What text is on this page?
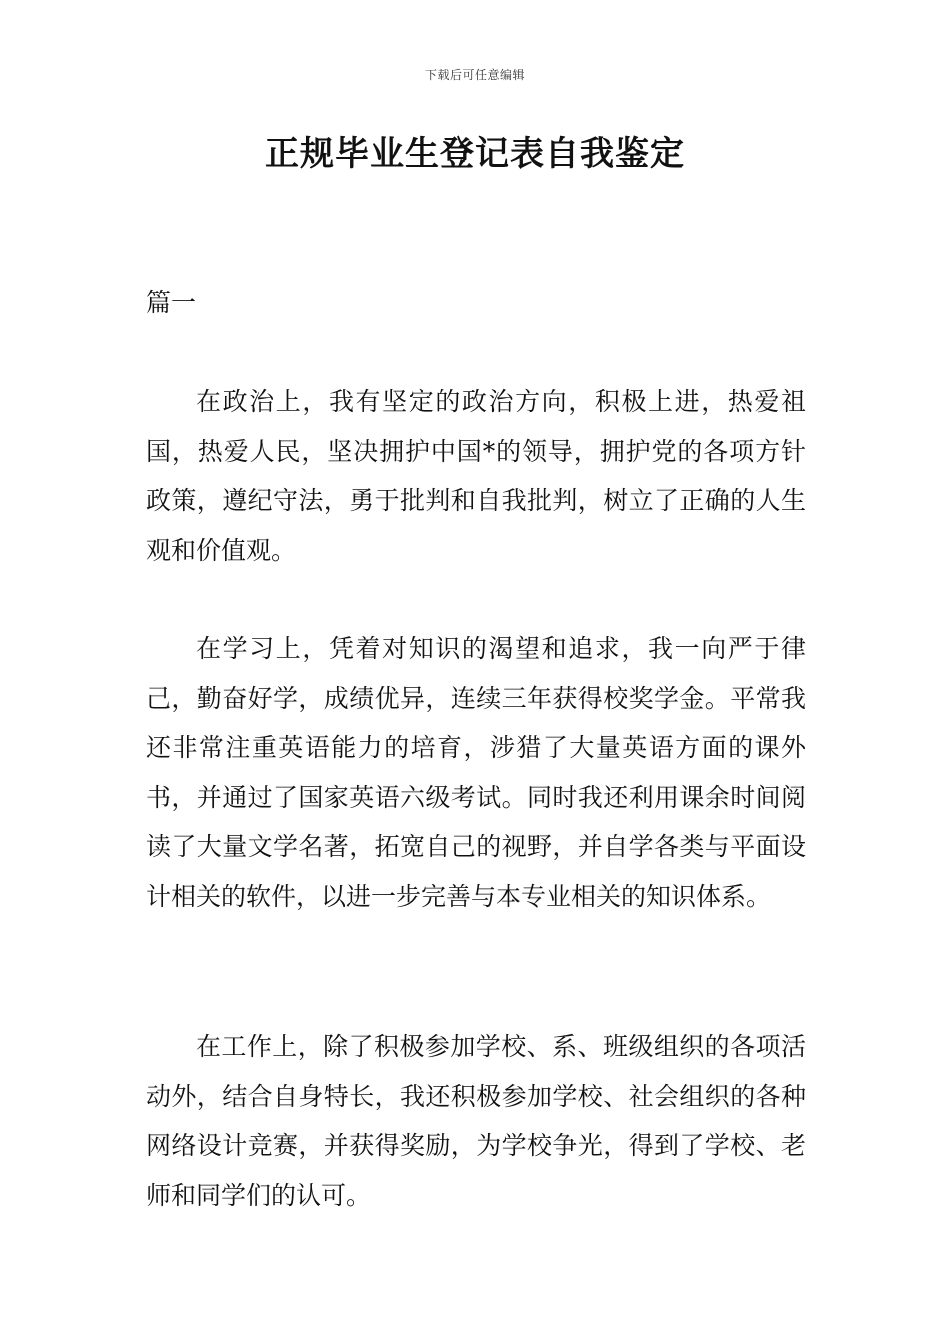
下载后可任意编辑
正规毕业生登记表自我鉴定
篇一

在政治上，我有坚定的政治方向，积极上进，热爱祖国，热爱人民，坚决拥护中国*的领导，拥护党的各项方针政策，遵纪守法，勇于批判和自我批判，树立了正确的人生观和价值观。

在学习上，凭着对知识的渴望和追求，我一向严于律己，勤奋好学，成绩优异，连续三年获得校奖学金。平常我还非常注重英语能力的培育，涉猎了大量英语方面的课外书，并通过了国家英语六级考试。同时我还利用课余时间阅读了大量文学名著，拓宽自己的视野，并自学各类与平面设计相关的软件，以进一步完善与本专业相关的知识体系。

在工作上，除了积极参加学校、系、班级组织的各项活动外，结合自身特长，我还积极参加学校、社会组织的各种网络设计竞赛，并获得奖励，为学校争光，得到了学校、老师和同学们的认可。
